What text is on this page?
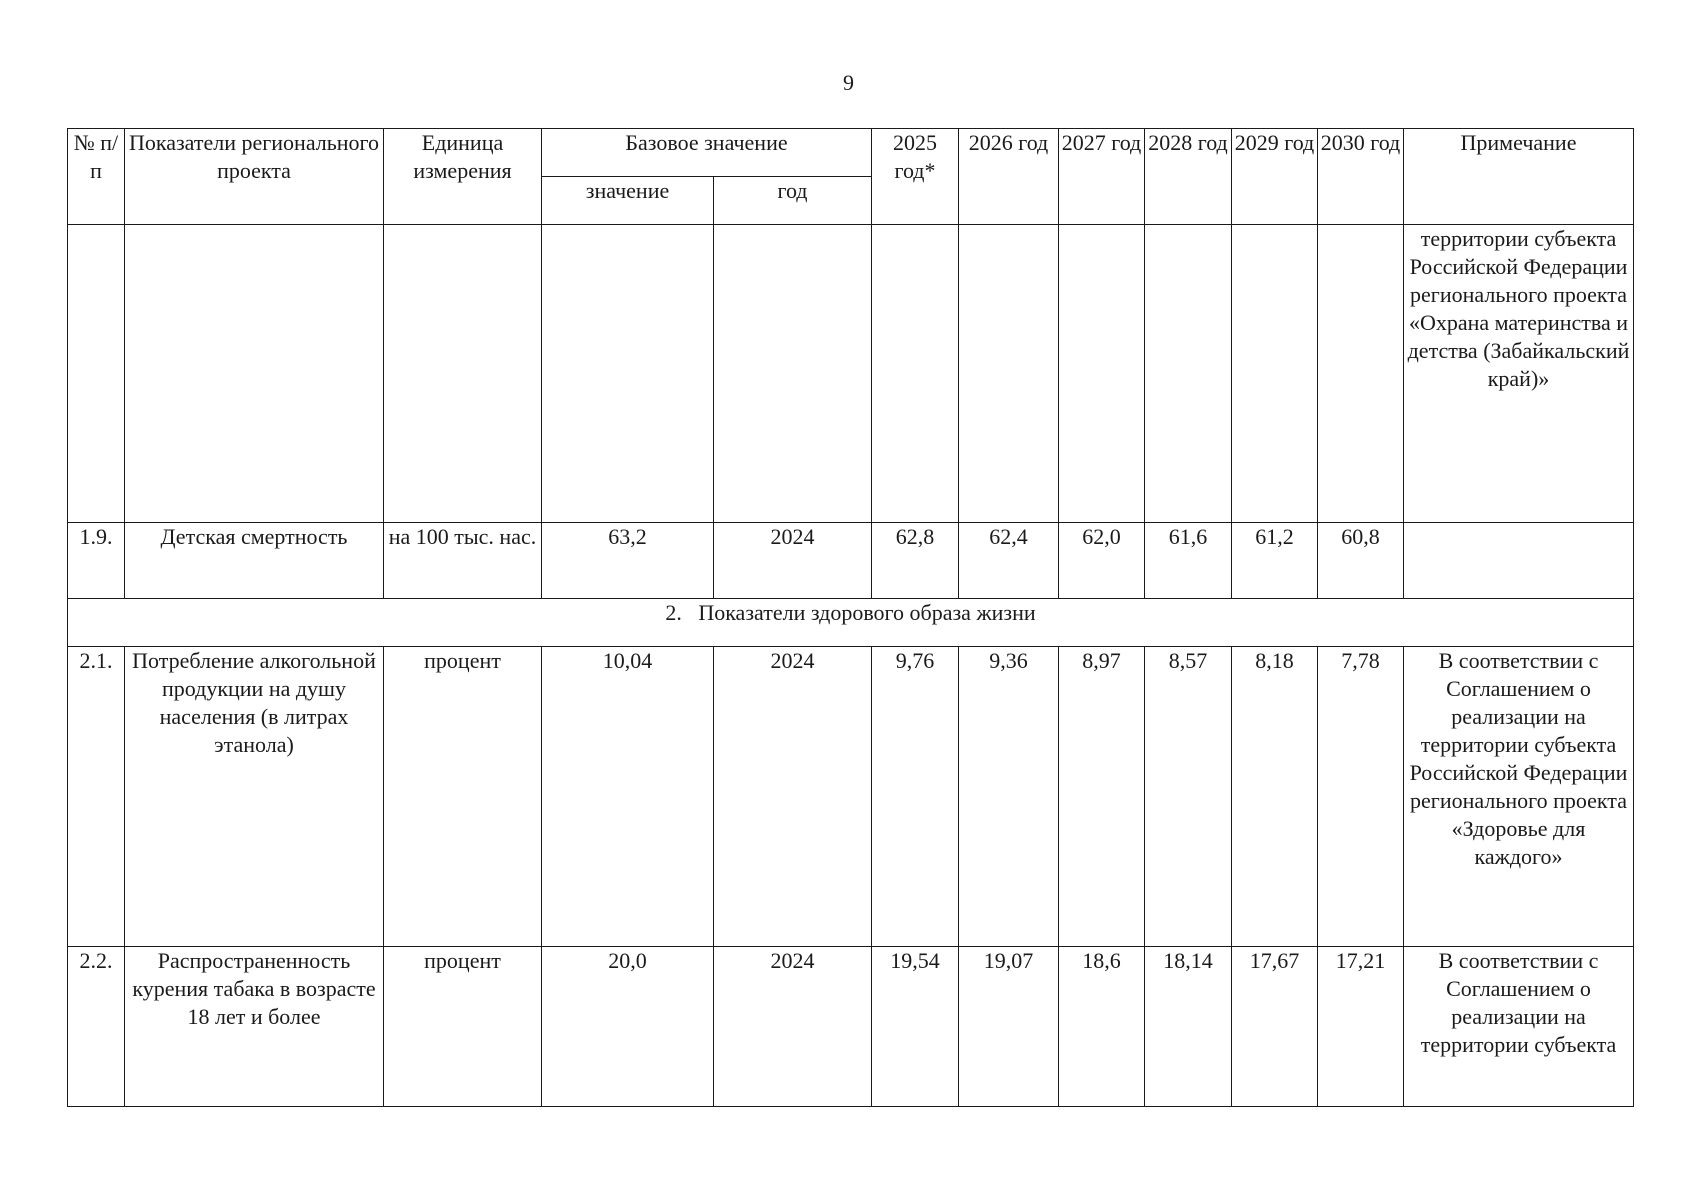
9
№ п/п	Показатели регионального проекта	Единица измерения	Базовое значение		2025 год*	2026 год	2027 год	2028 год	2029 год	2030 год	Примечание
			значение	год							
											территории субъекта Российской Федерации регионального проекта «Охрана материнства и детства (Забайкальский край)»
1.9.	Детская смертность	на 100 тыс. нас.	63,2	2024	62,8	62,4	62,0	61,6	61,2	60,8	
2.   Показатели здорового образа жизни											
2.1.	Потребление алкогольной продукции на душу населения (в литрах этанола)	процент	10,04	2024	9,76	9,36	8,97	8,57	8,18	7,78	В соответствии с Соглашением о реализации на территории субъекта Российской Федерации регионального проекта «Здоровье для каждого»
2.2.	Распространенность курения табака в возрасте 18 лет и более	процент	20,0	2024	19,54	19,07	18,6	18,14	17,67	17,21	В соответствии с Соглашением о реализации на территории субъекта
